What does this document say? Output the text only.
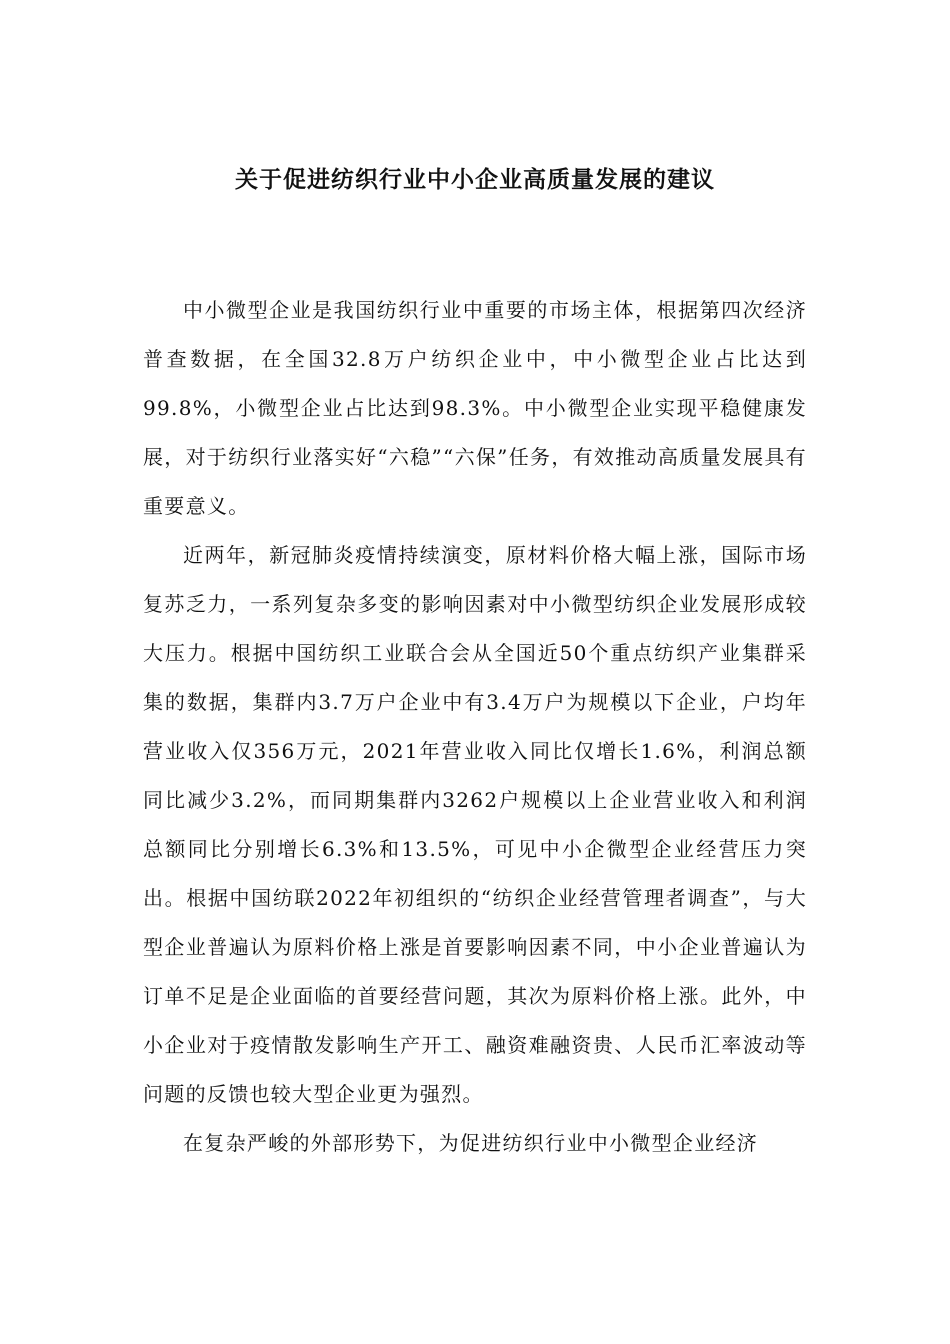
关于促进纺织行业中小企业高质量发展的建议

中小微型企业是我国纺织行业中重要的市场主体，根据第四次经济普查数据，在全国32.8万户纺织企业中，中小微型企业占比达到99.8%，小微型企业占比达到98.3%。中小微型企业实现平稳健康发展，对于纺织行业落实好“六稳”“六保”任务，有效推动高质量发展具有重要意义。

近两年，新冠肺炎疫情持续演变，原材料价格大幅上涨，国际市场复苏乏力，一系列复杂多变的影响因素对中小微型纺织企业发展形成较大压力。根据中国纺织工业联合会从全国近50个重点纺织产业集群采集的数据，集群内3.7万户企业中有3.4万户为规模以下企业，户均年营业收入仅356万元，2021年营业收入同比仅增长1.6%，利润总额同比减少3.2%，而同期集群内3262户规模以上企业营业收入和利润总额同比分别增长6.3%和13.5%，可见中小企微型企业经营压力突出。根据中国纺联2022年初组织的“纺织企业经营管理者调查”，与大型企业普遍认为原料价格上涨是首要影响因素不同，中小企业普遍认为订单不足是企业面临的首要经营问题，其次为原料价格上涨。此外，中小企业对于疫情散发影响生产开工、融资难融资贵、人民币汇率波动等问题的反馈也较大型企业更为强烈。

在复杂严峻的外部形势下，为促进纺织行业中小微型企业经济
